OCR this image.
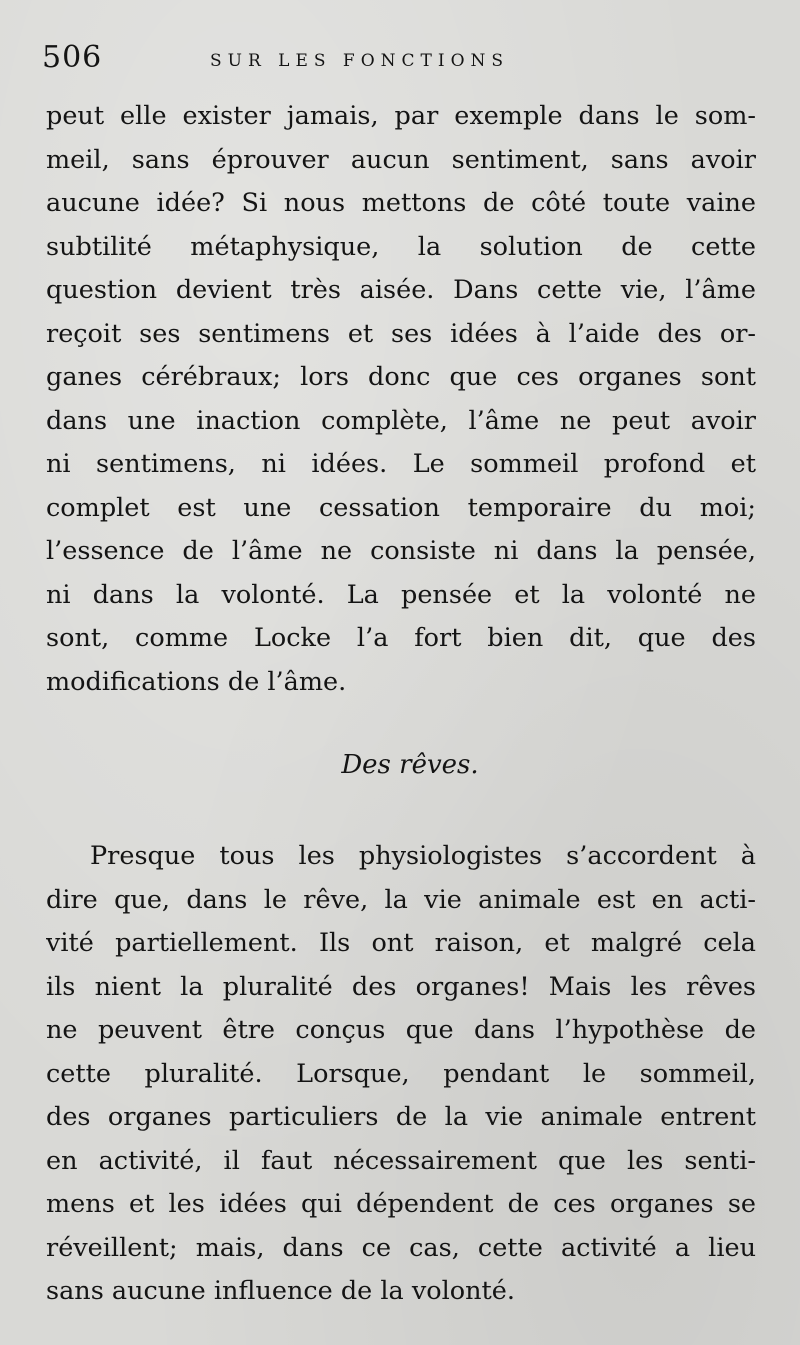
506	SUR LES FONCTIONS
peut elle exister jamais, par exemple dans le som-
meil, sans éprouver aucun sentiment, sans avoir
aucune idée? Si nous mettons de côté toute vaine
subtilité métaphysique, la solution de cette
question devient très aisée. Dans cette vie, l’âme
reçoit ses sentimens et ses idées à l’aide des or-
ganes cérébraux; lors donc que ces organes sont
dans une inaction complète, l’âme ne peut avoir
ni sentimens, ni idées. Le sommeil profond et
complet est une cessation temporaire du moi;
l’essence de l’âme ne consiste ni dans la pensée,
ni dans la volonté. La pensée et la volonté ne
sont, comme Locke l’a fort bien dit, que des
modifications de l’âme.
Des rêves.
Presque tous les physiologistes s’accordent à
dire que, dans le rêve, la vie animale est en acti-
vité partiellement. Ils ont raison, et malgré cela
ils nient la pluralité des organes! Mais les rêves
ne peuvent être conçus que dans l’hypothèse de
cette pluralité. Lorsque, pendant le sommeil,
des organes particuliers de la vie animale entrent
en activité, il faut nécessairement que les senti-
mens et les idées qui dépendent de ces organes se
réveillent; mais, dans ce cas, cette activité a lieu
sans aucune influence de la volonté.
